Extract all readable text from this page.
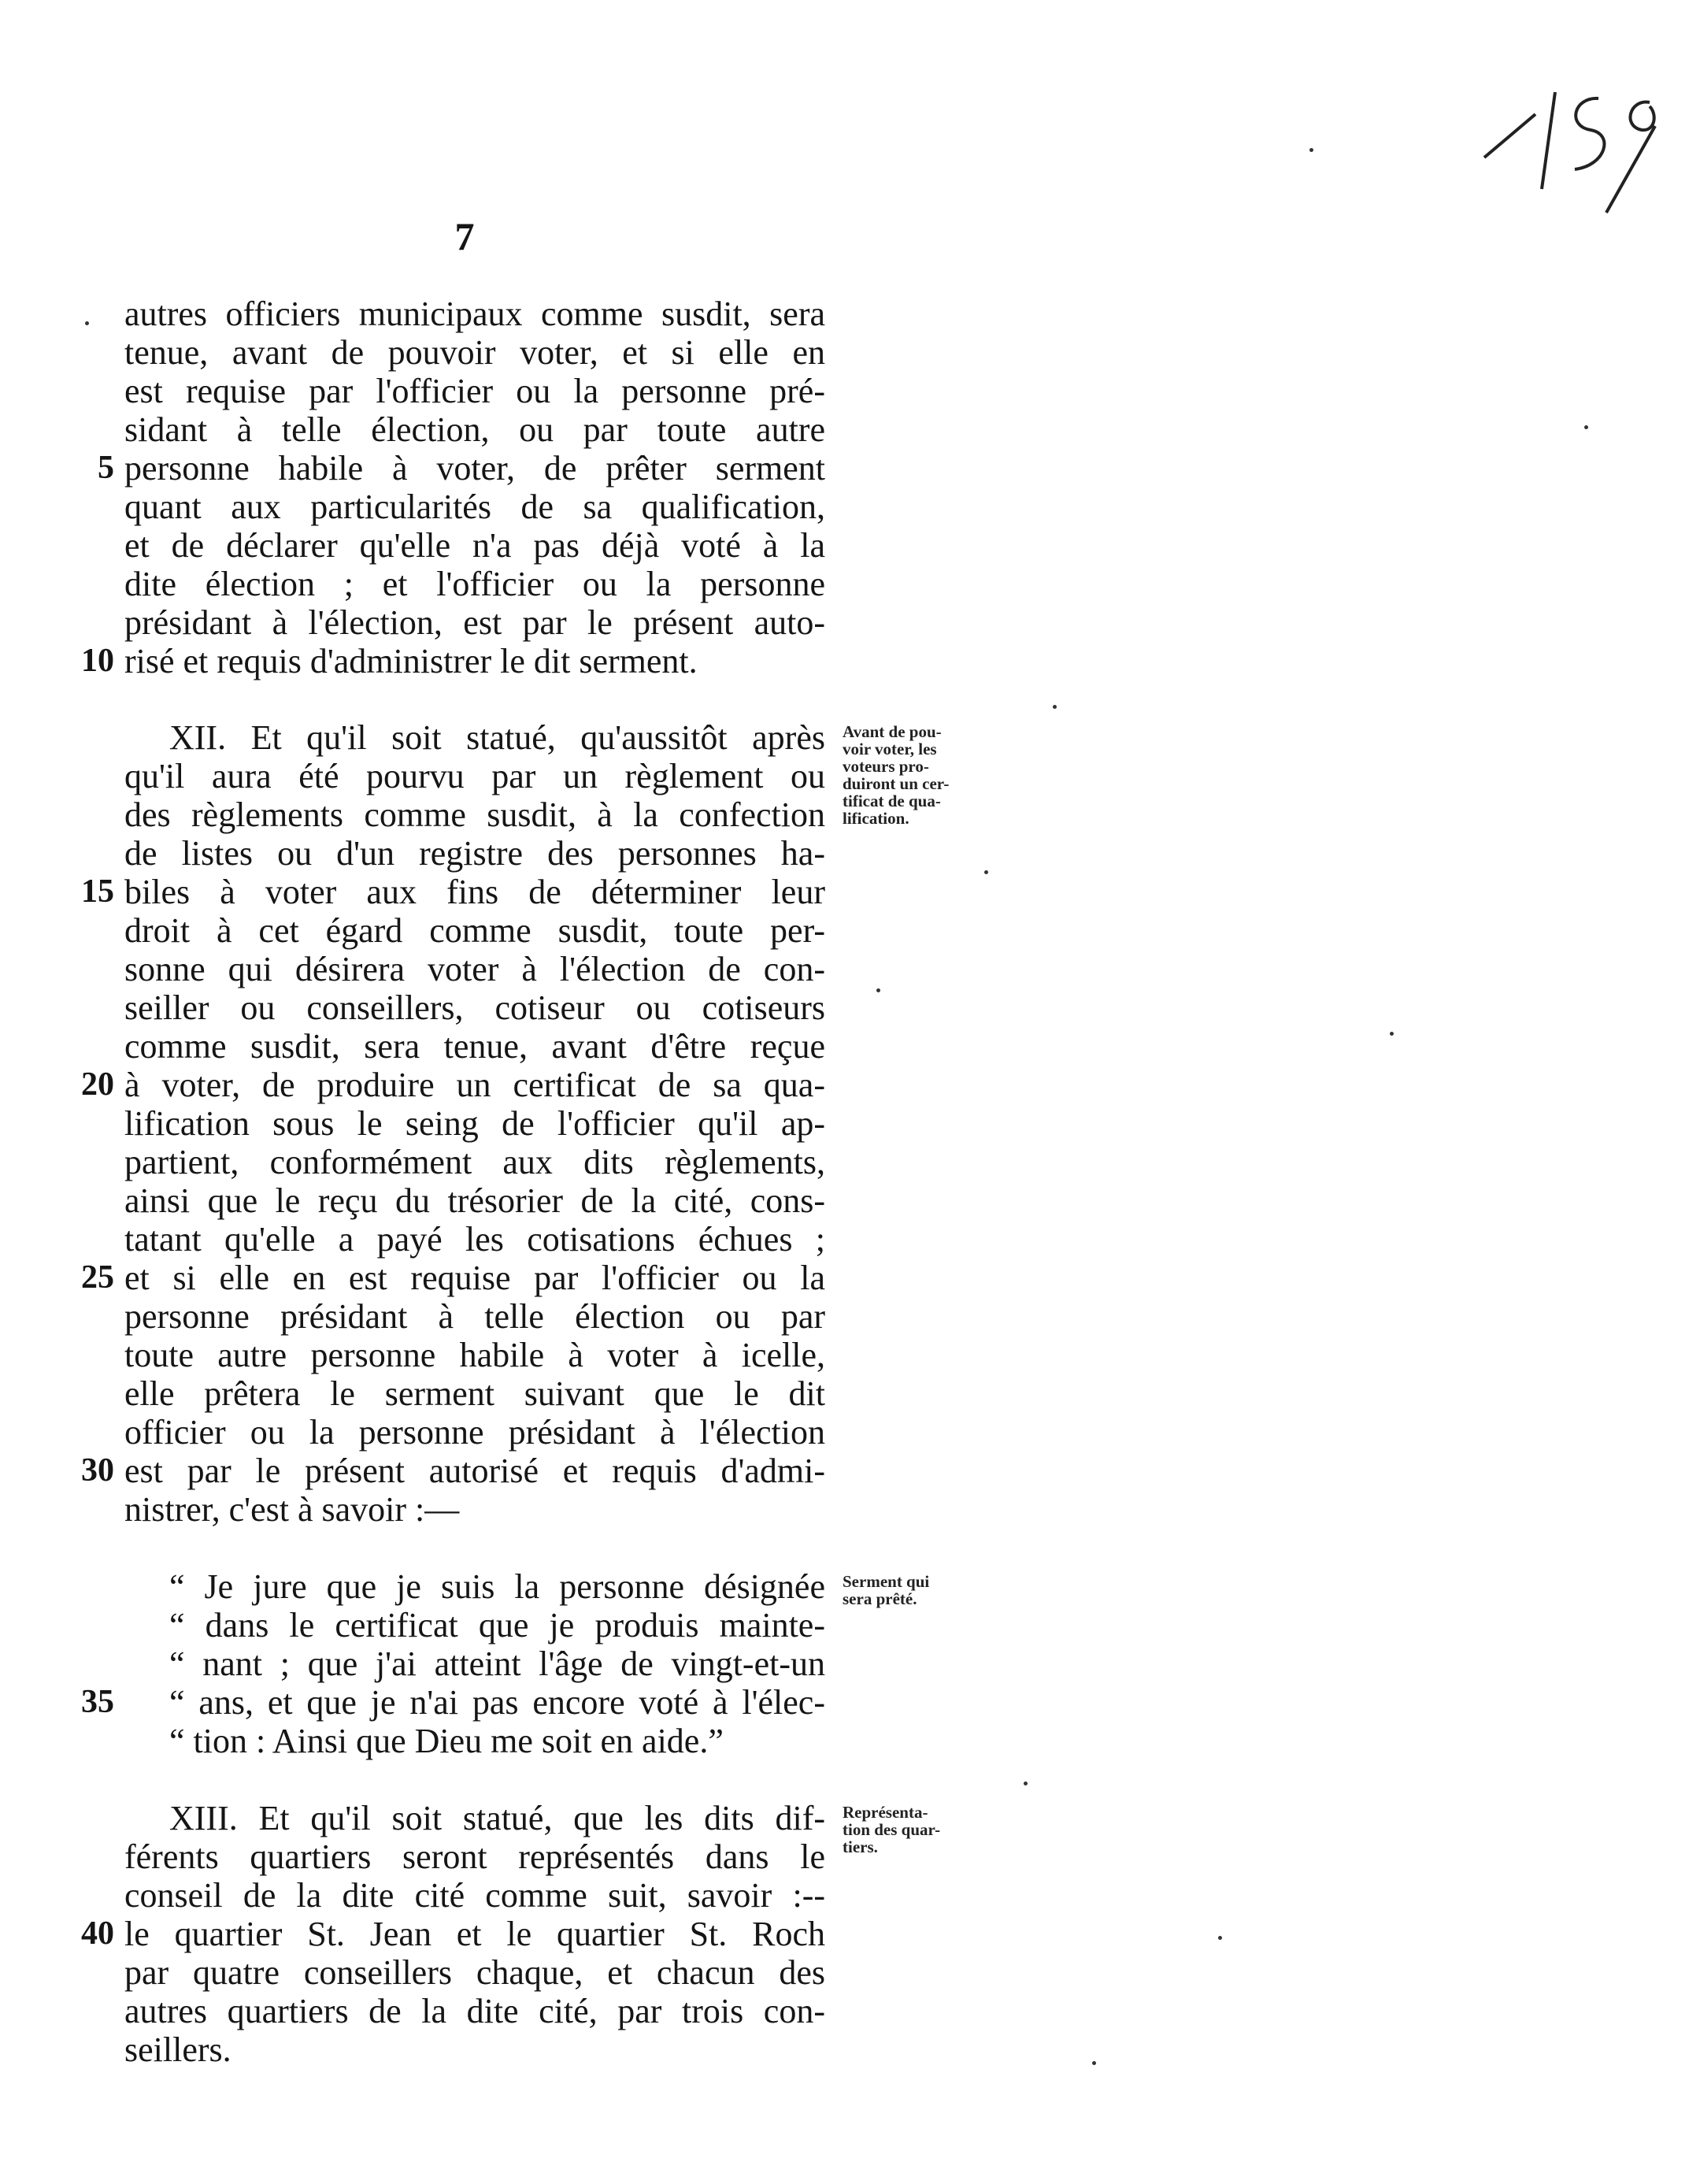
7
5
10
15
20
25
30
35
40
autres officiers municipaux comme susdit, sera
tenue, avant de pouvoir voter, et si elle en
est requise par l'officier ou la personne pré-
sidant à telle élection, ou par toute autre
personne habile à voter, de prêter serment
quant aux particularités de sa qualification,
et de déclarer qu'elle n'a pas déjà voté à la
dite élection ; et l'officier ou la personne
présidant à l'élection, est par le présent auto-
risé et requis d'administrer le dit serment.
XII. Et qu'il soit statué, qu'aussitôt après
qu'il aura été pourvu par un règlement ou
des règlements comme susdit, à la confection
de listes ou d'un registre des personnes ha-
biles à voter aux fins de déterminer leur
droit à cet égard comme susdit, toute per-
sonne qui désirera voter à l'élection de con-
seiller ou conseillers, cotiseur ou cotiseurs
comme susdit, sera tenue, avant d'être reçue
à voter, de produire un certificat de sa qua-
lification sous le seing de l'officier qu'il ap-
partient, conformément aux dits règlements,
ainsi que le reçu du trésorier de la cité, cons-
tatant qu'elle a payé les cotisations échues ;
et si elle en est requise par l'officier ou la
personne présidant à telle élection ou par
toute autre personne habile à voter à icelle,
elle prêtera le serment suivant que le dit
officier ou la personne présidant à l'élection
est par le présent autorisé et requis d'admi-
nistrer, c'est à savoir :—
“ Je jure que je suis la personne désignée
“ dans le certificat que je produis mainte-
“ nant ; que j'ai atteint l'âge de vingt-et-un
“ ans, et que je n'ai pas encore voté à l'élec-
“ tion : Ainsi que Dieu me soit en aide.”
XIII. Et qu'il soit statué, que les dits dif-
férents quartiers seront représentés dans le
conseil de la dite cité comme suit, savoir :--
le quartier St. Jean et le quartier St. Roch
par quatre conseillers chaque, et chacun des
autres quartiers de la dite cité, par trois con-
seillers.
Avant de pou-
voir voter, les
voteurs pro-
duiront un cer-
tificat de qua-
lification.
Serment qui
sera prêté.
Représenta-
tion des quar-
tiers.
